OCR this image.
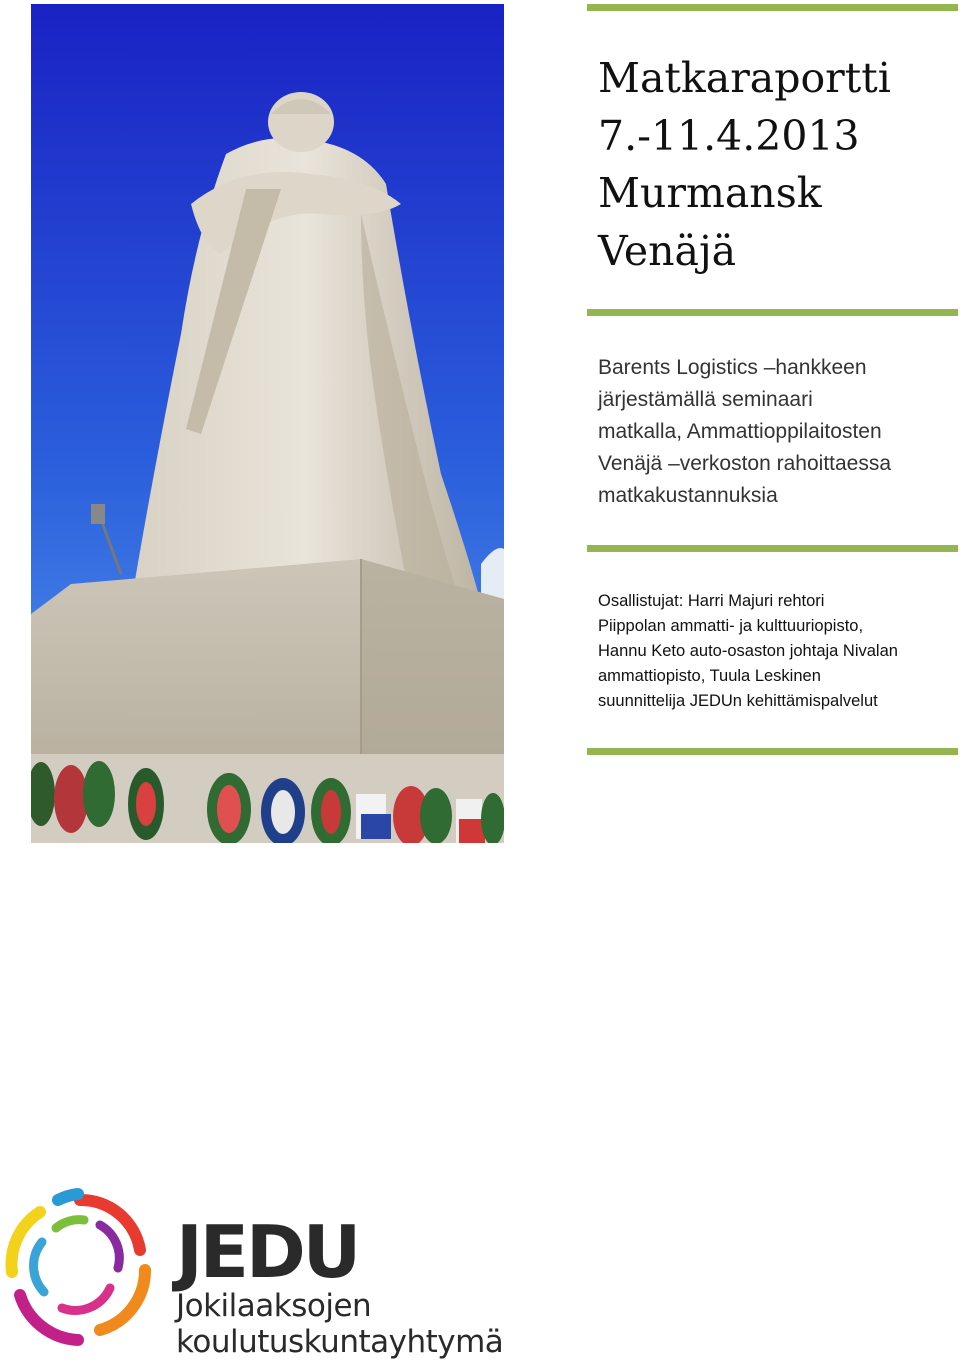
Matkaraportti
7.-11.4.2013
Murmansk
Venäjä
Barents Logistics –hankkeen
järjestämällä seminaari
matkalla, Ammattioppilaitosten
Venäjä –verkoston rahoittaessa
matkakustannuksia
Osallistujat: Harri Majuri rehtori
Piippolan ammatti- ja kulttuuriopisto,
Hannu Keto auto-osaston johtaja Nivalan
ammattiopisto, Tuula Leskinen
suunnittelija JEDUn kehittämispalvelut
JEDU
Jokilaaksojen
koulutuskuntayhtymä
